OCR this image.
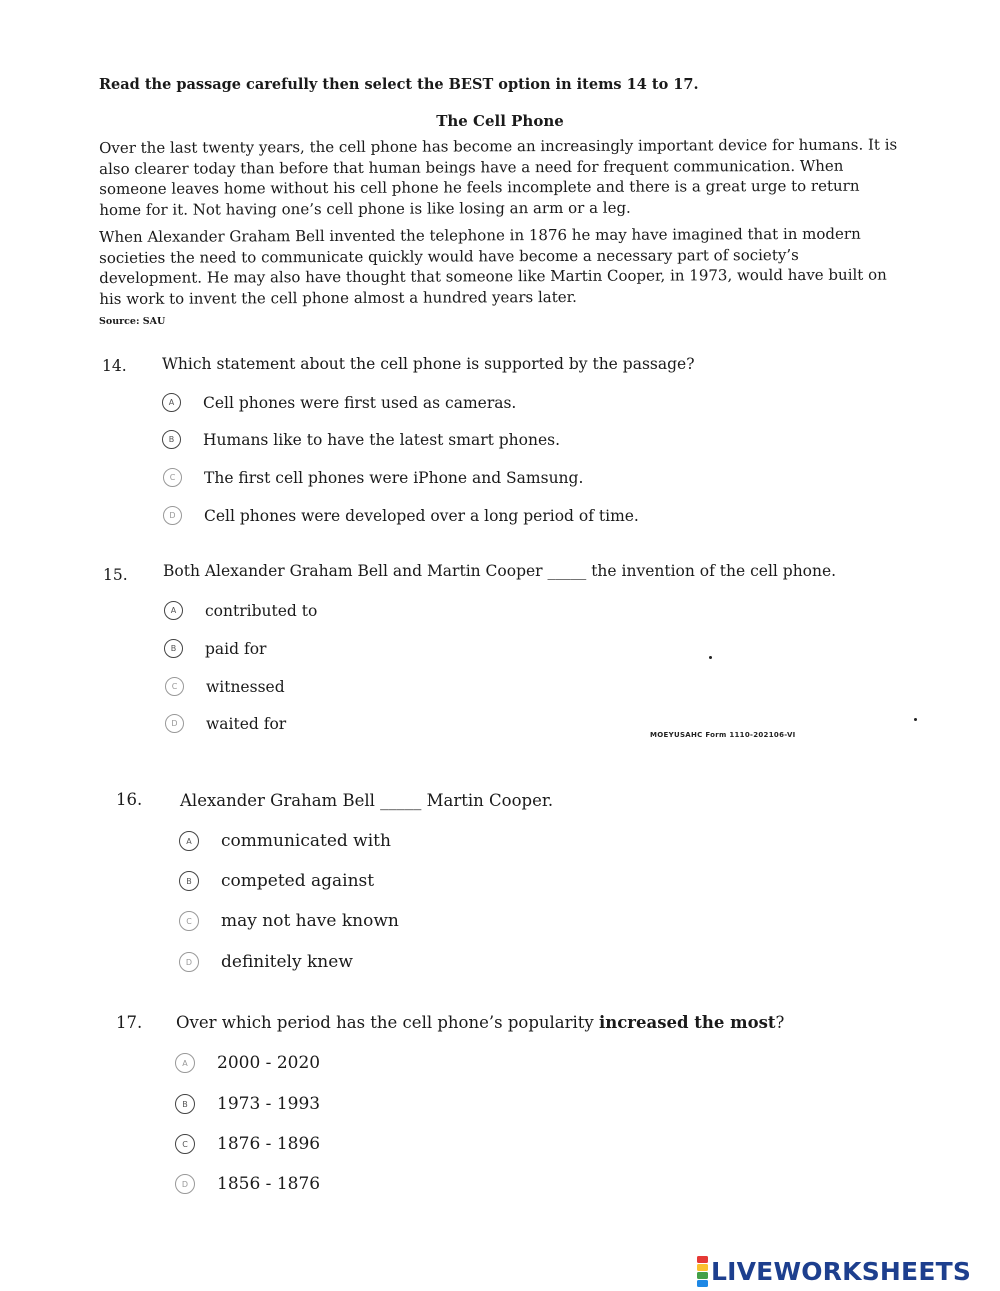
Read the passage carefully then select the BEST option in items 14 to 17.
The Cell Phone

Over the last twenty years, the cell phone has become an increasingly important device for humans. It is also clearer today than before that human beings have a need for frequent communication. When someone leaves home without his cell phone he feels incomplete and there is a great urge to return home for it. Not having one’s cell phone is like losing an arm or a leg.

When Alexander Graham Bell invented the telephone in 1876 he may have imagined that in modern societies the need to communicate quickly would have become a necessary part of society’s development. He may also have thought that someone like Martin Cooper, in 1973, would have built on his work to invent the cell phone almost a hundred years later.

Source: SAU
14. Which statement about the cell phone is supported by the passage?
A	Cell phones were first used as cameras.
B	Humans like to have the latest smart phones.
C	The first cell phones were iPhone and Samsung.
D	Cell phones were developed over a long period of time.
15. Both Alexander Graham Bell and Martin Cooper _____ the invention of the cell phone.
A	contributed to
B	paid for
C	witnessed
D	waited for
MOEYUSAHC Form 1110-202106-VI
16. Alexander Graham Bell _____ Martin Cooper.
A	communicated with
B	competed against
C	may not have known
D	definitely knew
17. Over which period has the cell phone’s popularity increased the most?
A	2000 - 2020
B	1973 - 1993
C	1876 - 1896
D	1856 - 1876
LIVEWORKSHEETS
